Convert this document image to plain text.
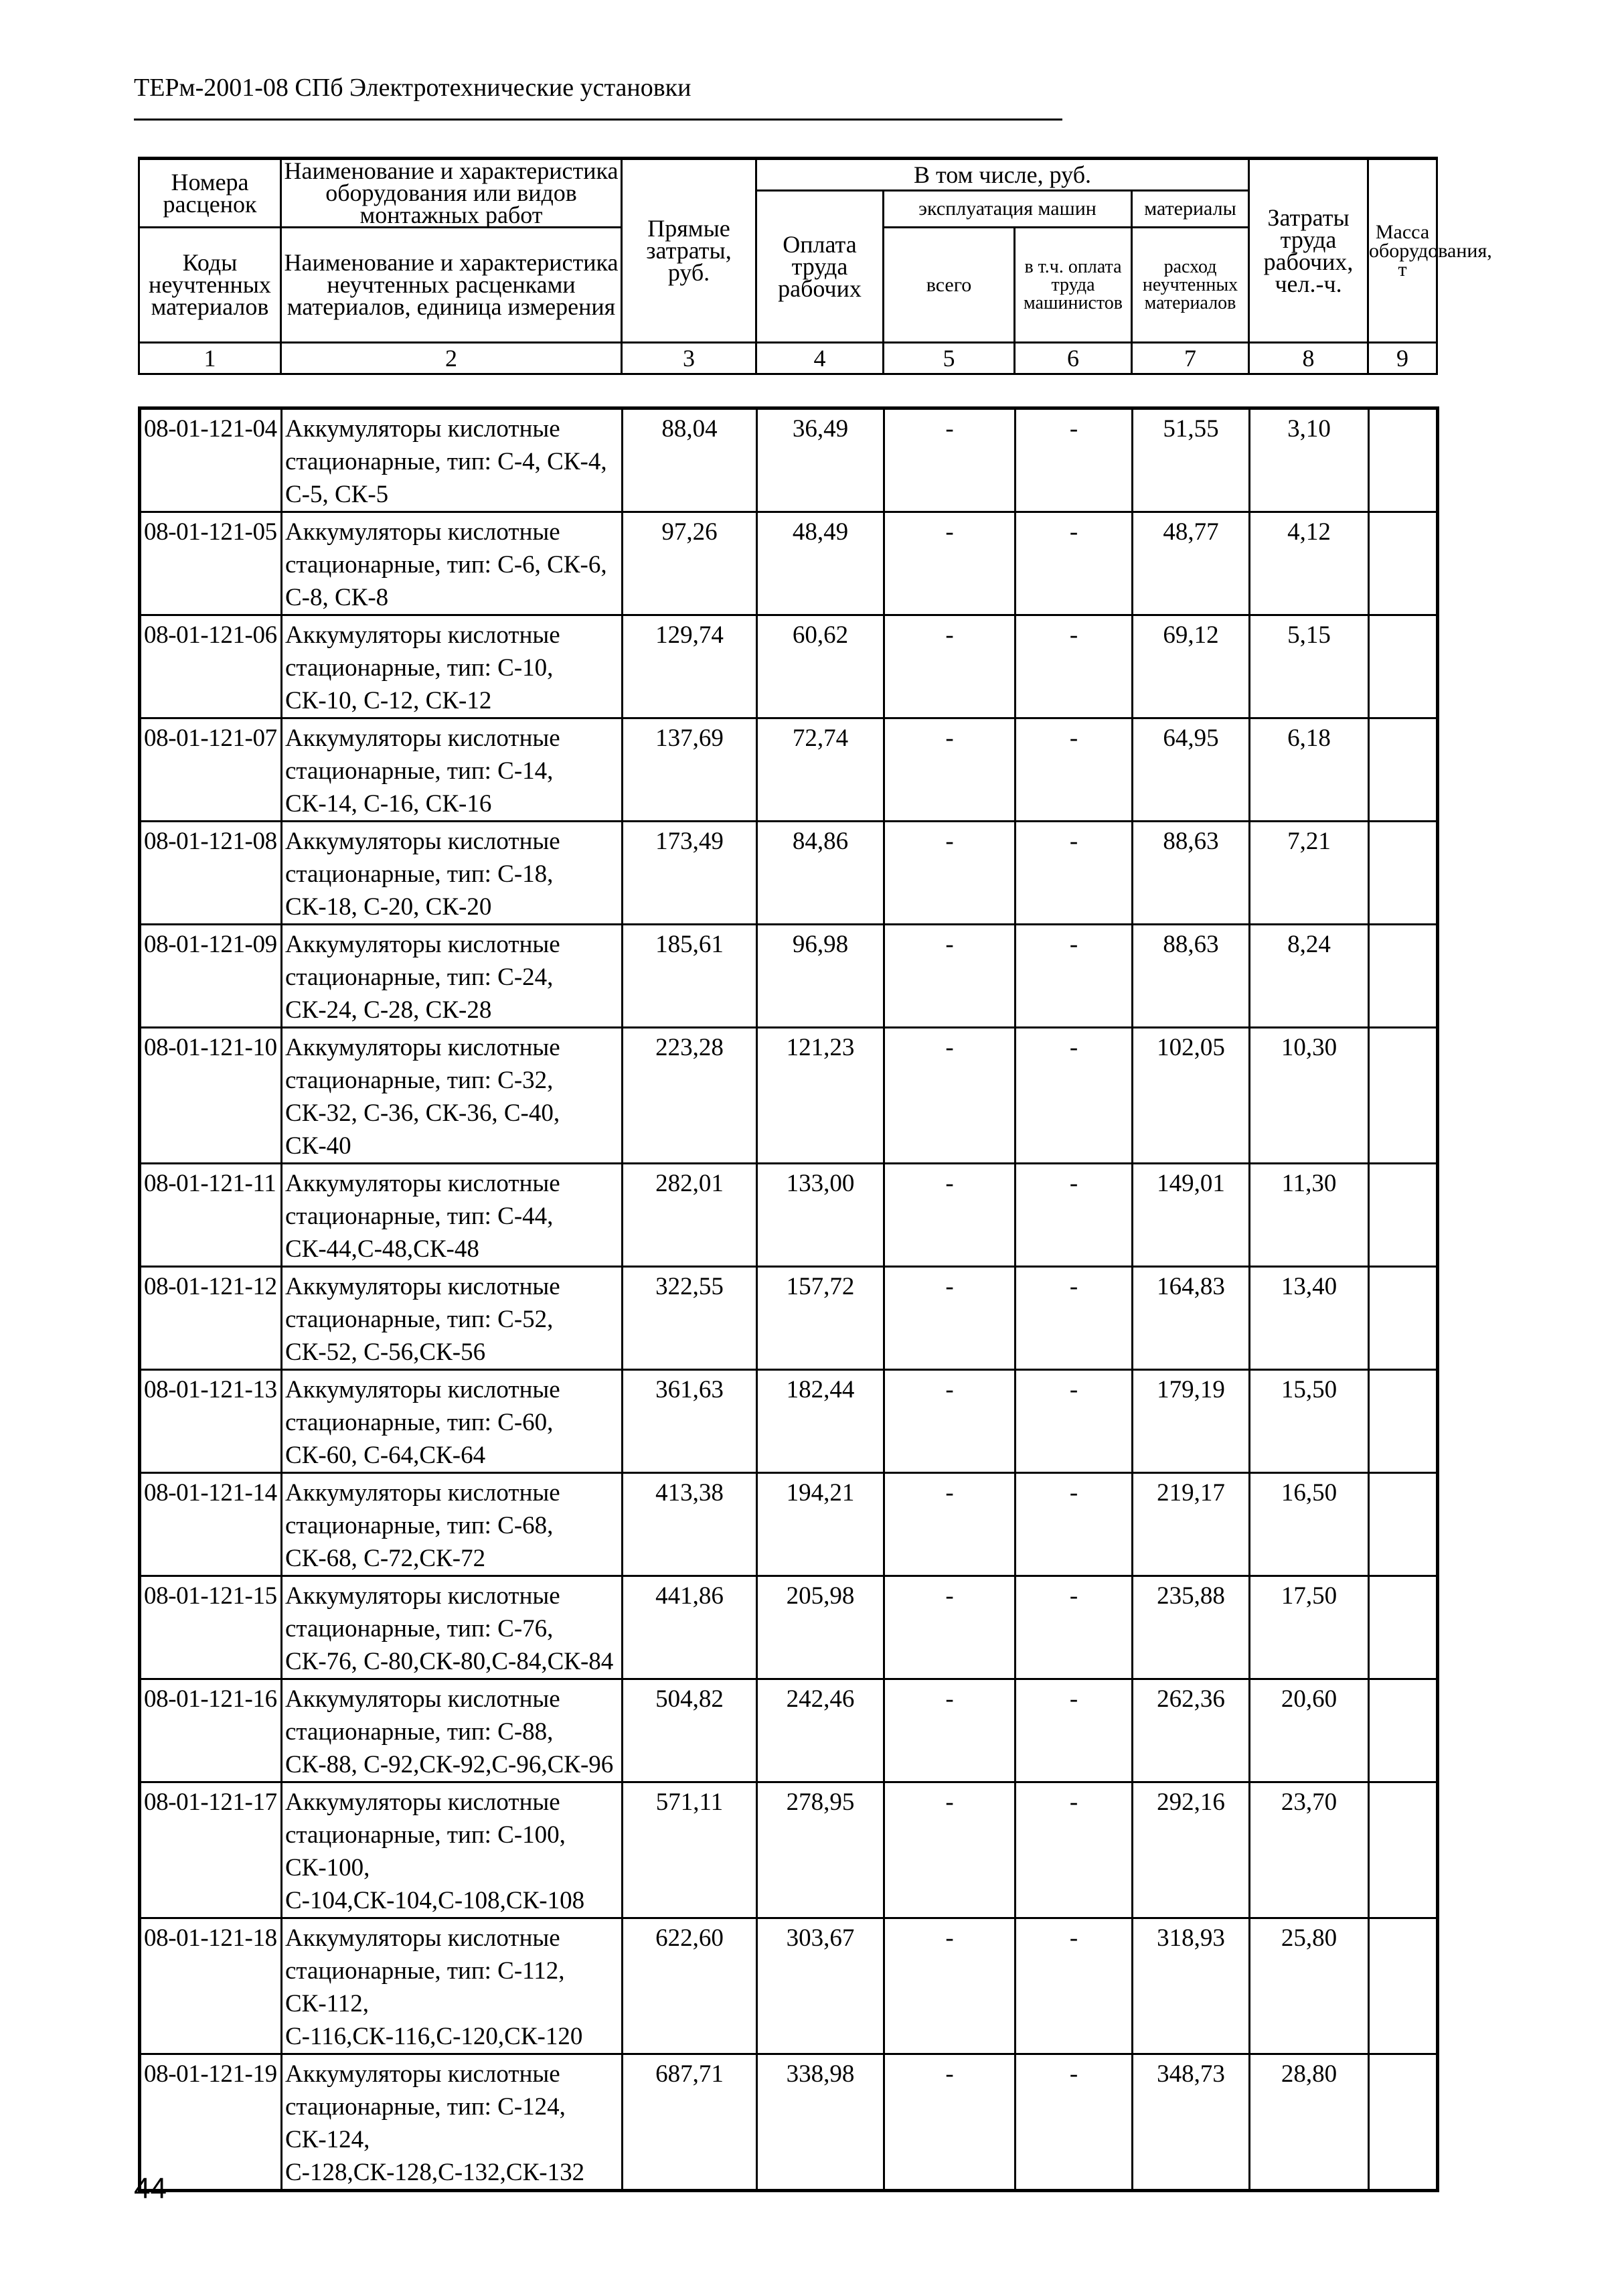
ТЕРм-2001-08 СПб Электротехнические установки
Номера расценок	Наименование и характеристика оборудования или видов монтажных работ	Прямые затраты, руб.	В том числе, руб.				Затраты труда рабочих, чел.-ч.	Масса оборудования, т
			Оплата труда рабочих	эксплуатация машин		материалы		
Коды неучтенных материалов	Наименование и характеристика неучтенных расценками материалов, единица измерения			всего	в т.ч. оплата труда машинистов	расход неучтенных материалов		

1	2	3	4	5	6	7	8	9
08-01-121-04	Аккумуляторы кислотные стационарные, тип: С-4, СК-4, С-5, СК-5	88,04	36,49	-	-	51,55	3,10	
08-01-121-05	Аккумуляторы кислотные стационарные, тип: С-6, СК-6, С-8, СК-8	97,26	48,49	-	-	48,77	4,12	
08-01-121-06	Аккумуляторы кислотные стационарные, тип: С-10, СК-10, С-12, СК-12	129,74	60,62	-	-	69,12	5,15	
08-01-121-07	Аккумуляторы кислотные стационарные, тип: С-14, СК-14, С-16, СК-16	137,69	72,74	-	-	64,95	6,18	
08-01-121-08	Аккумуляторы кислотные стационарные, тип: С-18, СК-18, С-20, СК-20	173,49	84,86	-	-	88,63	7,21	
08-01-121-09	Аккумуляторы кислотные стационарные, тип: С-24, СК-24, С-28, СК-28	185,61	96,98	-	-	88,63	8,24	
08-01-121-10	Аккумуляторы кислотные стационарные, тип: С-32, СК-32, С-36, СК-36, С-40, СК-40	223,28	121,23	-	-	102,05	10,30	
08-01-121-11	Аккумуляторы кислотные стационарные, тип: С-44, СК-44,С-48,СК-48	282,01	133,00	-	-	149,01	11,30	
08-01-121-12	Аккумуляторы кислотные стационарные, тип: С-52, СК-52, С-56,СК-56	322,55	157,72	-	-	164,83	13,40	
08-01-121-13	Аккумуляторы кислотные стационарные, тип: С-60, СК-60, С-64,СК-64	361,63	182,44	-	-	179,19	15,50	
08-01-121-14	Аккумуляторы кислотные стационарные, тип: С-68, СК-68, С-72,СК-72	413,38	194,21	-	-	219,17	16,50	
08-01-121-15	Аккумуляторы кислотные стационарные, тип: С-76, СК-76, С-80,СК-80,С-84,СК-84	441,86	205,98	-	-	235,88	17,50	
08-01-121-16	Аккумуляторы кислотные стационарные, тип: С-88, СК-88, С-92,СК-92,С-96,СК-96	504,82	242,46	-	-	262,36	20,60	
08-01-121-17	Аккумуляторы кислотные стационарные, тип: С-100, СК-100, С-104,СК-104,С-108,СК-108	571,11	278,95	-	-	292,16	23,70	
08-01-121-18	Аккумуляторы кислотные стационарные, тип: С-112, СК-112, С-116,СК-116,С-120,СК-120	622,60	303,67	-	-	318,93	25,80	
08-01-121-19	Аккумуляторы кислотные стационарные, тип: С-124, СК-124, С-128,СК-128,С-132,СК-132	687,71	338,98	-	-	348,73	28,80	
44
